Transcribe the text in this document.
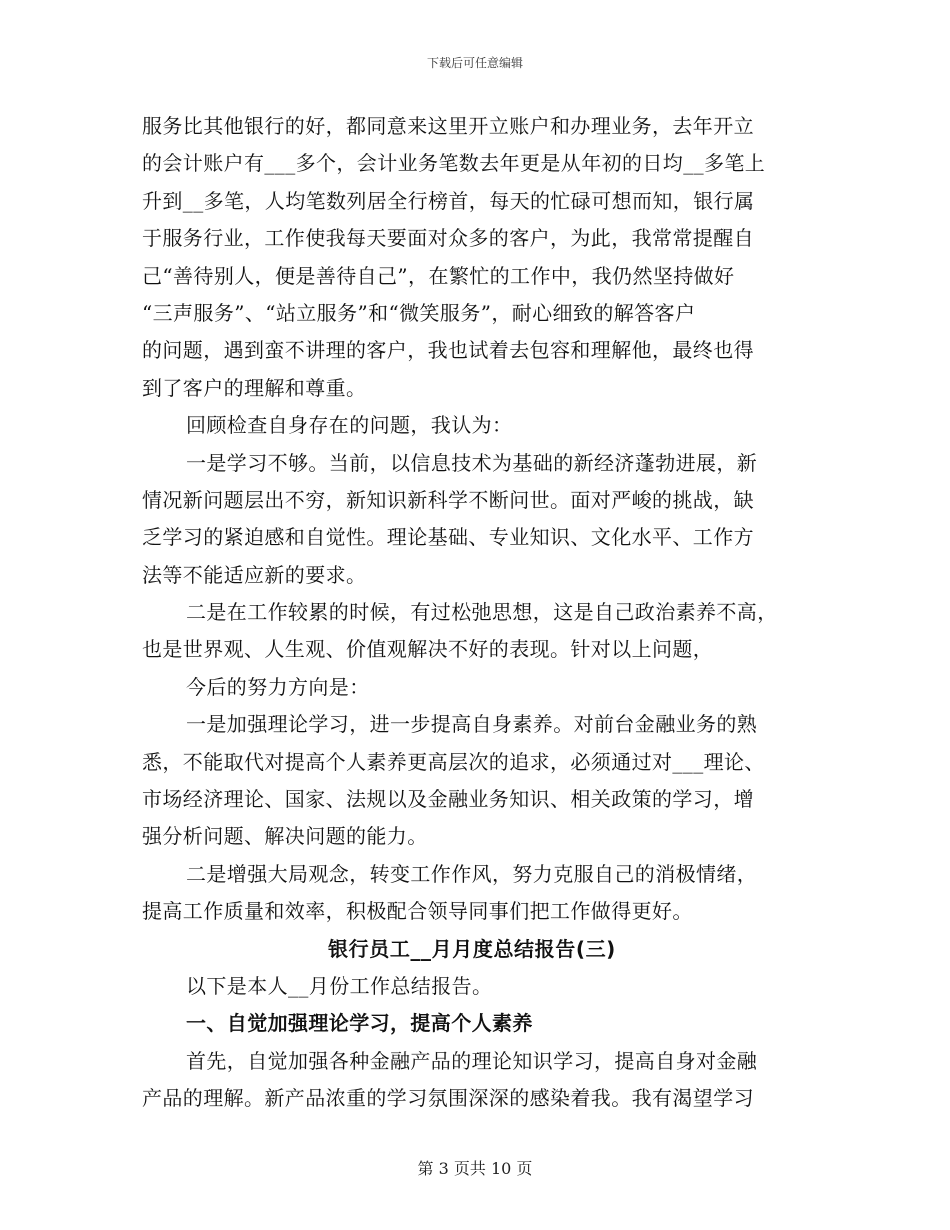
下载后可任意编辑
服务比其他银行的好，都同意来这里开立账户和办理业务，去年开立
的会计账户有___多个，会计业务笔数去年更是从年初的日均__多笔上
升到__多笔，人均笔数列居全行榜首，每天的忙碌可想而知，银行属
于服务行业，工作使我每天要面对众多的客户，为此，我常常提醒自
己“善待别人，便是善待自己”，在繁忙的工作中，我仍然坚持做好
“三声服务”、“站立服务”和“微笑服务”，耐心细致的解答客户
的问题，遇到蛮不讲理的客户，我也试着去包容和理解他，最终也得
到了客户的理解和尊重。
回顾检查自身存在的问题，我认为：
一是学习不够。当前，以信息技术为基础的新经济蓬勃进展，新
情况新问题层出不穷，新知识新科学不断问世。面对严峻的挑战，缺
乏学习的紧迫感和自觉性。理论基础、专业知识、文化水平、工作方
法等不能适应新的要求。
二是在工作较累的时候，有过松弛思想，这是自己政治素养不高，
也是世界观、人生观、价值观解决不好的表现。针对以上问题，
今后的努力方向是：
一是加强理论学习，进一步提高自身素养。对前台金融业务的熟
悉，不能取代对提高个人素养更高层次的追求，必须通过对___理论、
市场经济理论、国家、法规以及金融业务知识、相关政策的学习，增
强分析问题、解决问题的能力。
二是增强大局观念，转变工作作风，努力克服自己的消极情绪，
提高工作质量和效率，积极配合领导同事们把工作做得更好。
银行员工__月月度总结报告(三)
以下是本人__月份工作总结报告。
一、自觉加强理论学习，提高个人素养
首先，自觉加强各种金融产品的理论知识学习，提高自身对金融
产品的理解。新产品浓重的学习氛围深深的感染着我。我有渴望学习
第 3 页共 10 页
